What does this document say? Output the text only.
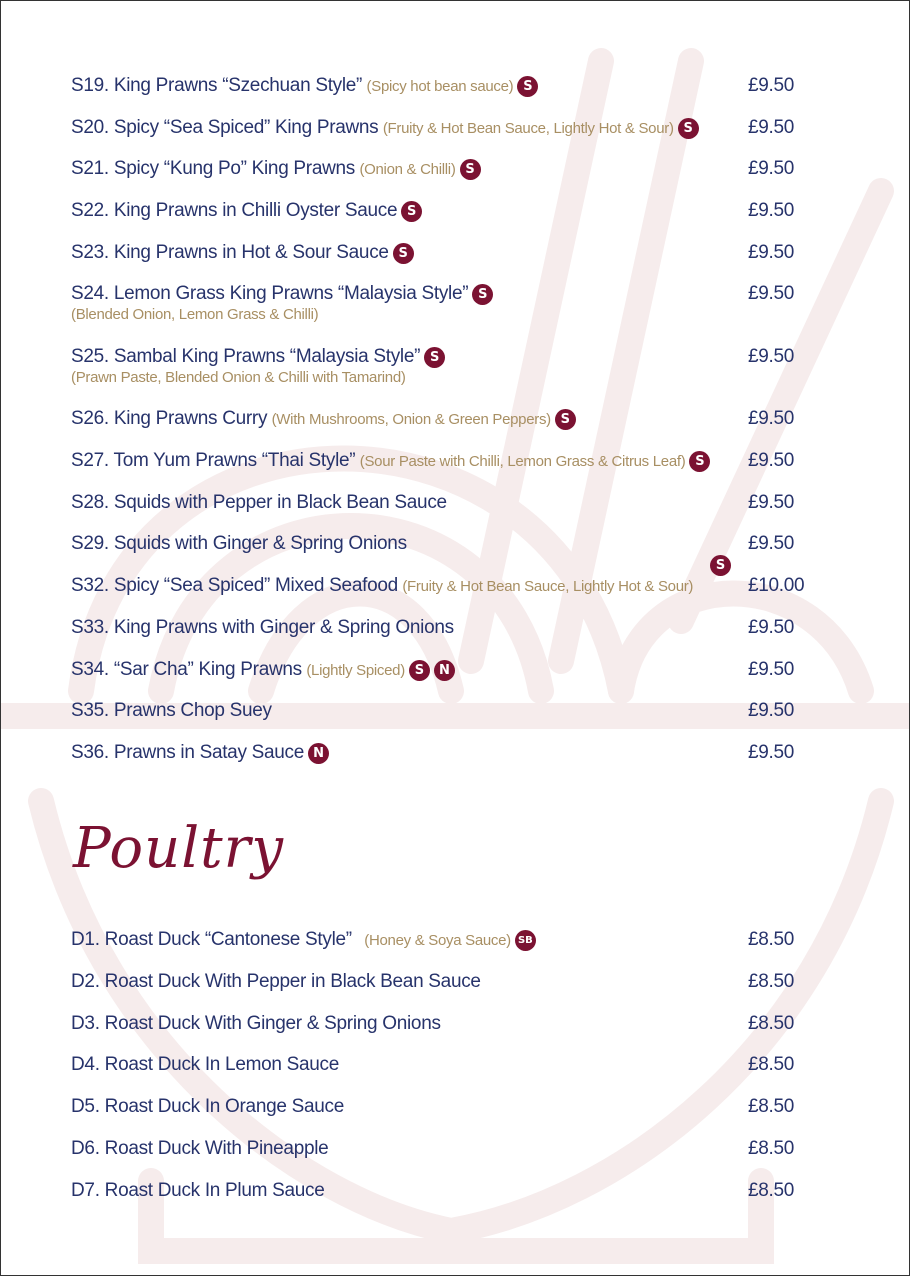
S19. King Prawns “Szechuan Style” (Spicy hot bean sauce) S	£9.50
S20. Spicy “Sea Spiced” King Prawns (Fruity & Hot Bean Sauce, Lightly Hot & Sour) S	£9.50
S21. Spicy “Kung Po” King Prawns (Onion & Chilli) S	£9.50
S22. King Prawns in Chilli Oyster Sauce S	£9.50
S23. King Prawns in Hot & Sour Sauce S	£9.50
S24. Lemon Grass King Prawns “Malaysia Style” S
(Blended Onion, Lemon Grass & Chilli)
£9.50
S25. Sambal King Prawns “Malaysia Style” S
(Prawn Paste, Blended Onion & Chilli with Tamarind)
£9.50
S26. King Prawns Curry (With Mushrooms, Onion & Green Peppers) S	£9.50
S27. Tom Yum Prawns “Thai Style” (Sour Paste with Chilli, Lemon Grass & Citrus Leaf) S	£9.50
S28. Squids with Pepper in Black Bean Sauce	£9.50
S29. Squids with Ginger & Spring Onions	£9.50
S
S32. Spicy “Sea Spiced” Mixed Seafood (Fruity & Hot Bean Sauce, Lightly Hot & Sour)	£10.00
S33. King Prawns with Ginger & Spring Onions	£9.50
S34. “Sar Cha” King Prawns (Lightly Spiced) S N	£9.50
S35. Prawns Chop Suey	£9.50
S36. Prawns in Satay Sauce N	£9.50
Poultry
D1. Roast Duck “Cantonese Style” (Honey & Soya Sauce) SB	£8.50
D2. Roast Duck With Pepper in Black Bean Sauce	£8.50
D3. Roast Duck With Ginger & Spring Onions	£8.50
D4. Roast Duck In Lemon Sauce	£8.50
D5. Roast Duck In Orange Sauce	£8.50
D6. Roast Duck With Pineapple	£8.50
D7. Roast Duck In Plum Sauce	£8.50
